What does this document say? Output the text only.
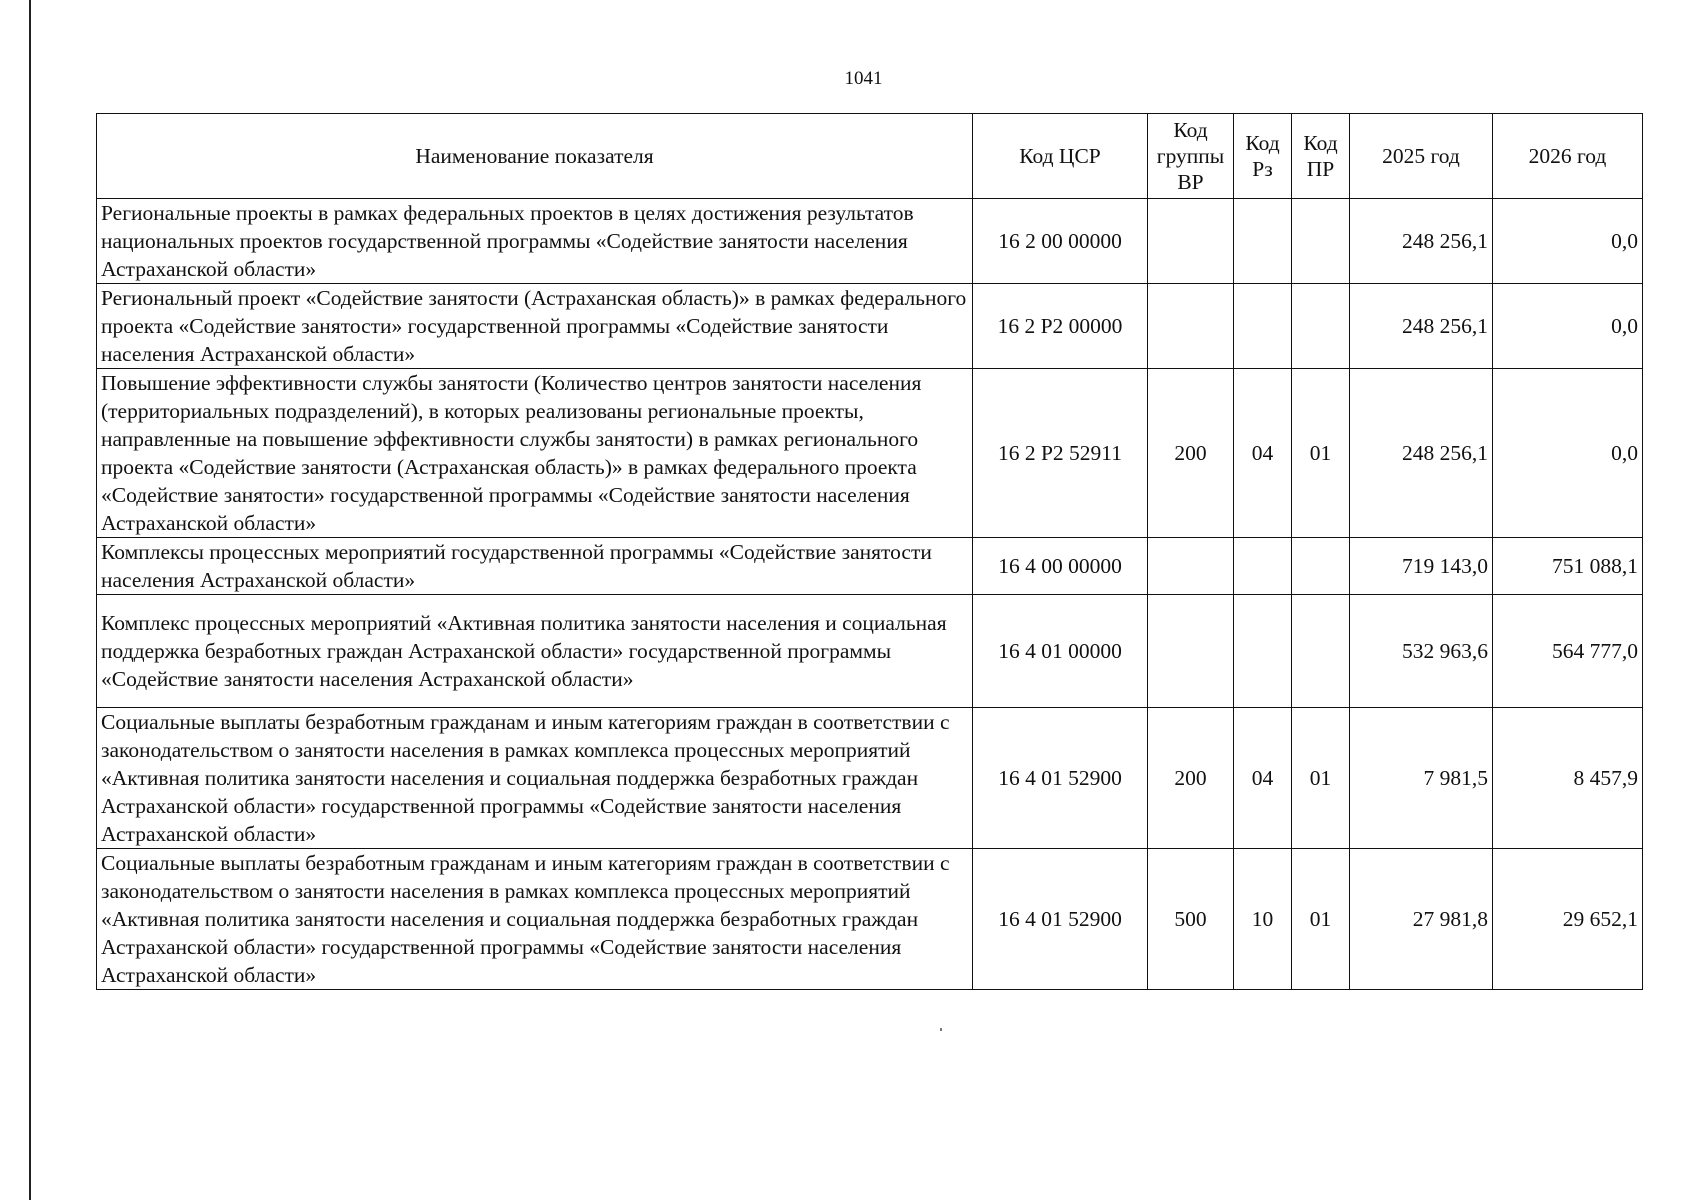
1041
Наименование показателя	Код ЦСР	Код группы ВР	Код Рз	Код ПР	2025 год	2026 год
Региональные проекты в рамках федеральных проектов в целях достижения результатов национальных проектов государственной программы «Содействие занятости населения Астраханской области»	16 2 00 00000				248 256,1	0,0
Региональный проект «Содействие занятости (Астраханская область)» в рамках федерального проекта «Содействие занятости» государственной программы «Содействие занятости населения Астраханской области»	16 2 Р2 00000				248 256,1	0,0
Повышение эффективности службы занятости (Количество центров занятости населения (территориальных подразделений), в которых реализованы региональные проекты, направленные на повышение эффективности службы занятости) в рамках регионального проекта «Содействие занятости (Астраханская область)» в рамках федерального проекта «Содействие занятости» государственной программы «Содействие занятости населения Астраханской области»	16 2 Р2 52911	200	04	01	248 256,1	0,0
Комплексы процессных мероприятий государственной программы «Содействие занятости населения Астраханской области»	16 4 00 00000				719 143,0	751 088,1
Комплекс процессных мероприятий «Активная политика занятости населения и социальная поддержка безработных граждан Астраханской области» государственной программы «Содействие занятости населения Астраханской области»	16 4 01 00000				532 963,6	564 777,0
Социальные выплаты безработным гражданам и иным категориям граждан в соответствии с законодательством о занятости населения в рамках комплекса процессных мероприятий «Активная политика занятости населения и социальная поддержка безработных граждан Астраханской области» государственной программы «Содействие занятости населения Астраханской области»	16 4 01 52900	200	04	01	7 981,5	8 457,9
Социальные выплаты безработным гражданам и иным категориям граждан в соответствии с законодательством о занятости населения в рамках комплекса процессных мероприятий «Активная политика занятости населения и социальная поддержка безработных граждан Астраханской области» государственной программы «Содействие занятости населения Астраханской области»	16 4 01 52900	500	10	01	27 981,8	29 652,1
